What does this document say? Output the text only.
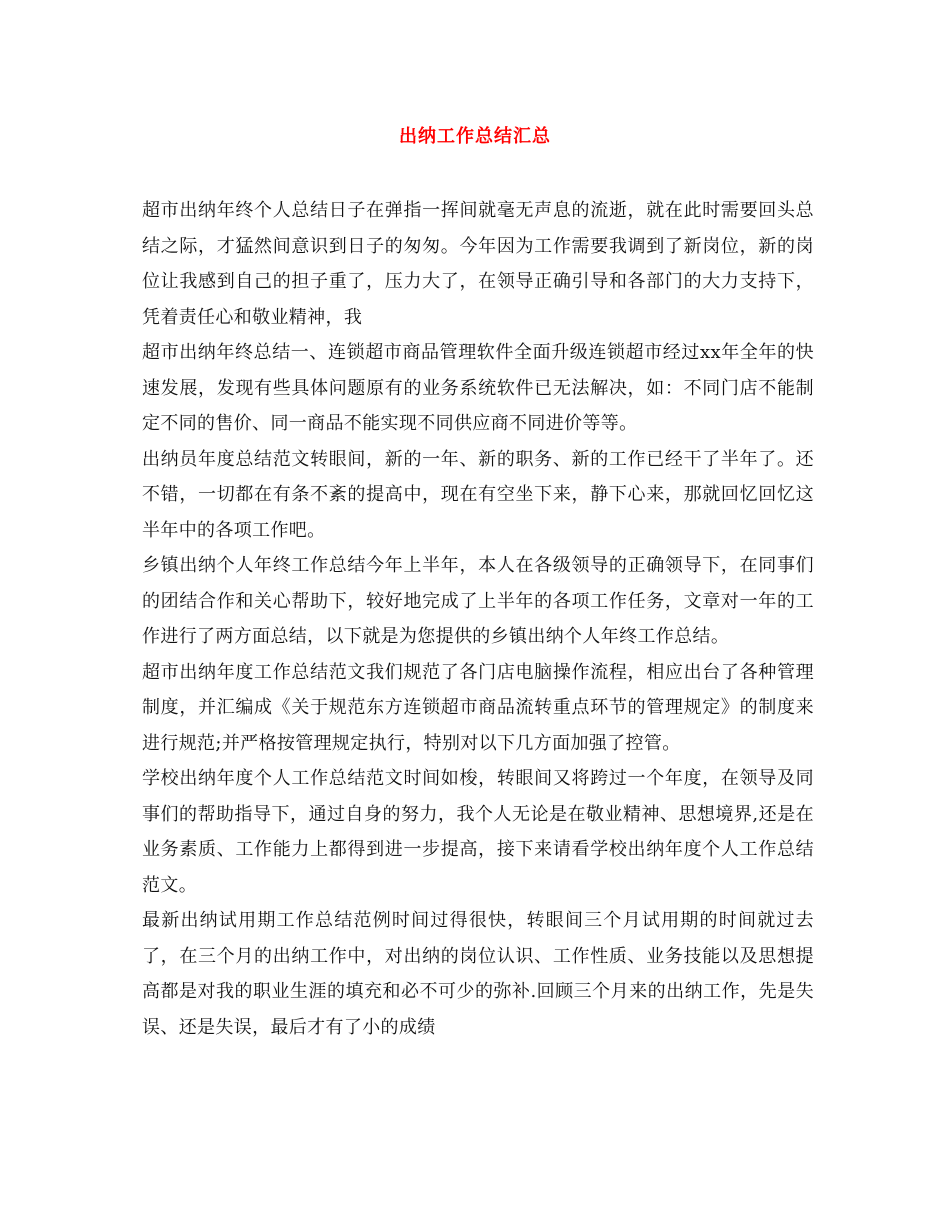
出纳工作总结汇总

超市出纳年终个人总结日子在弹指一挥间就毫无声息的流逝，就在此时需要回头总结之际，才猛然间意识到日子的匆匆。今年因为工作需要我调到了新岗位，新的岗位让我感到自己的担子重了，压力大了，在领导正确引导和各部门的大力支持下，凭着责任心和敬业精神，我

超市出纳年终总结一、连锁超市商品管理软件全面升级连锁超市经过xx年全年的快速发展，发现有些具体问题原有的业务系统软件已无法解决，如：不同门店不能制定不同的售价、同一商品不能实现不同供应商不同进价等等。

出纳员年度总结范文转眼间，新的一年、新的职务、新的工作已经干了半年了。还不错，一切都在有条不紊的提高中，现在有空坐下来，静下心来，那就回忆回忆这半年中的各项工作吧。

乡镇出纳个人年终工作总结今年上半年，本人在各级领导的正确领导下，在同事们的团结合作和关心帮助下，较好地完成了上半年的各项工作任务，文章对一年的工作进行了两方面总结，以下就是为您提供的乡镇出纳个人年终工作总结。

超市出纳年度工作总结范文我们规范了各门店电脑操作流程，相应出台了各种管理制度，并汇编成《关于规范东方连锁超市商品流转重点环节的管理规定》的制度来进行规范;并严格按管理规定执行，特别对以下几方面加强了控管。

学校出纳年度个人工作总结范文时间如梭，转眼间又将跨过一个年度，在领导及同事们的帮助指导下，通过自身的努力，我个人无论是在敬业精神、思想境界,还是在业务素质、工作能力上都得到进一步提高，接下来请看学校出纳年度个人工作总结范文。

最新出纳试用期工作总结范例时间过得很快，转眼间三个月试用期的时间就过去了，在三个月的出纳工作中，对出纳的岗位认识、工作性质、业务技能以及思想提高都是对我的职业生涯的填充和必不可少的弥补.回顾三个月来的出纳工作，先是失误、还是失误，最后才有了小的成绩
